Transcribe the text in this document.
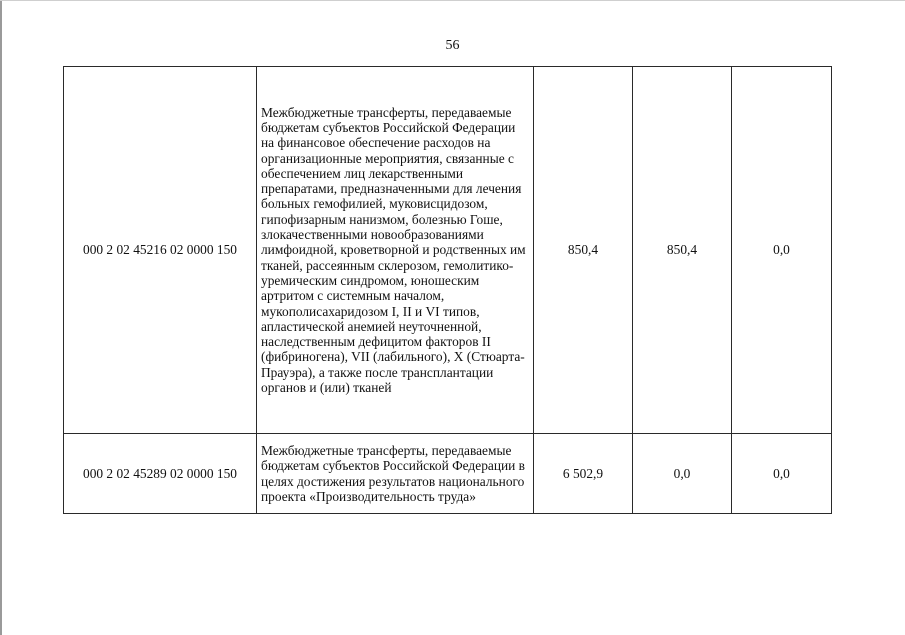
56
000 2 02 45216 02 0000 150	Межбюджетные трансферты, передаваемые бюджетам субъектов Российской Федерации на финансовое обеспечение расходов на организационные мероприятия, связанные с обеспечением лиц лекарственными препаратами, предназначенными для лечения больных гемофилией, муковисцидозом, гипофизарным нанизмом, болезнью Гоше, злокачественными новообразованиями лимфоидной, кроветворной и родственных им тканей, рассеянным склерозом, гемолитико-уремическим синдромом, юношеским артритом с системным началом, мукополисахаридозом I, II и VI типов, апластической анемией неуточненной, наследственным дефицитом факторов II (фибриногена), VII (лабильного), X (Стюарта-Прауэра), а также после трансплантации органов и (или) тканей	850,4	850,4	0,0
000 2 02 45289 02 0000 150	Межбюджетные трансферты, передаваемые бюджетам субъектов Российской Федерации в целях достижения результатов национального проекта «Производительность труда»	6 502,9	0,0	0,0
